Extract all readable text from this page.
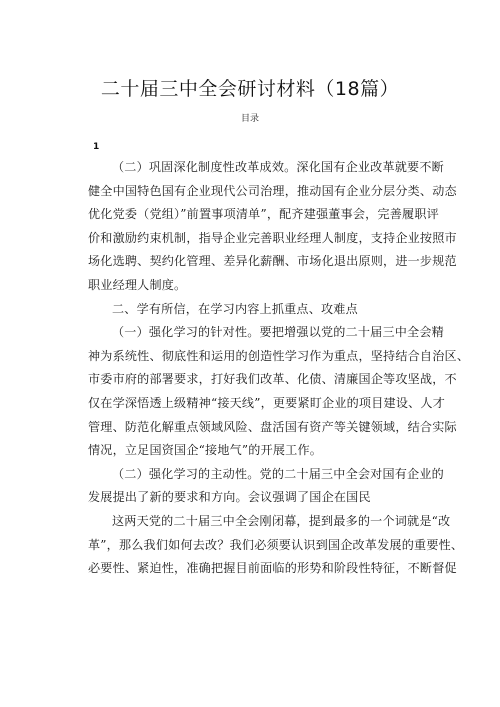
二十届三中全会研讨材料（18篇）
目录
1
（二）巩固深化制度性改革成效。深化国有企业改革就要不断
健全中国特色国有企业现代公司治理，推动国有企业分层分类、动态
优化党委（党组）”前置事项清单”，配齐建强董事会，完善履职评
价和激励约束机制，指导企业完善职业经理人制度，支持企业按照市
场化选聘、契约化管理、差异化薪酬、市场化退出原则，进一步规范
职业经理人制度。
二、学有所信，在学习内容上抓重点、攻难点
（一）强化学习的针对性。要把增强以党的二十届三中全会精
神为系统性、彻底性和运用的创造性学习作为重点，坚持结合自治区、
市委市府的部署要求，打好我们改革、化债、清廉国企等攻坚战，不
仅在学深悟透上级精神“接天线”，更要紧盯企业的项目建设、人才
管理、防范化解重点领域风险、盘活国有资产等关键领域，结合实际
情况，立足国资国企“接地气”的开展工作。
（二）强化学习的主动性。党的二十届三中全会对国有企业的
发展提出了新的要求和方向。会议强调了国企在国民
这两天党的二十届三中全会刚闭幕，提到最多的一个词就是“改
革”，那么我们如何去改？我们必须要认识到国企改革发展的重要性、
必要性、紧迫性，准确把握目前面临的形势和阶段性特征，不断督促
